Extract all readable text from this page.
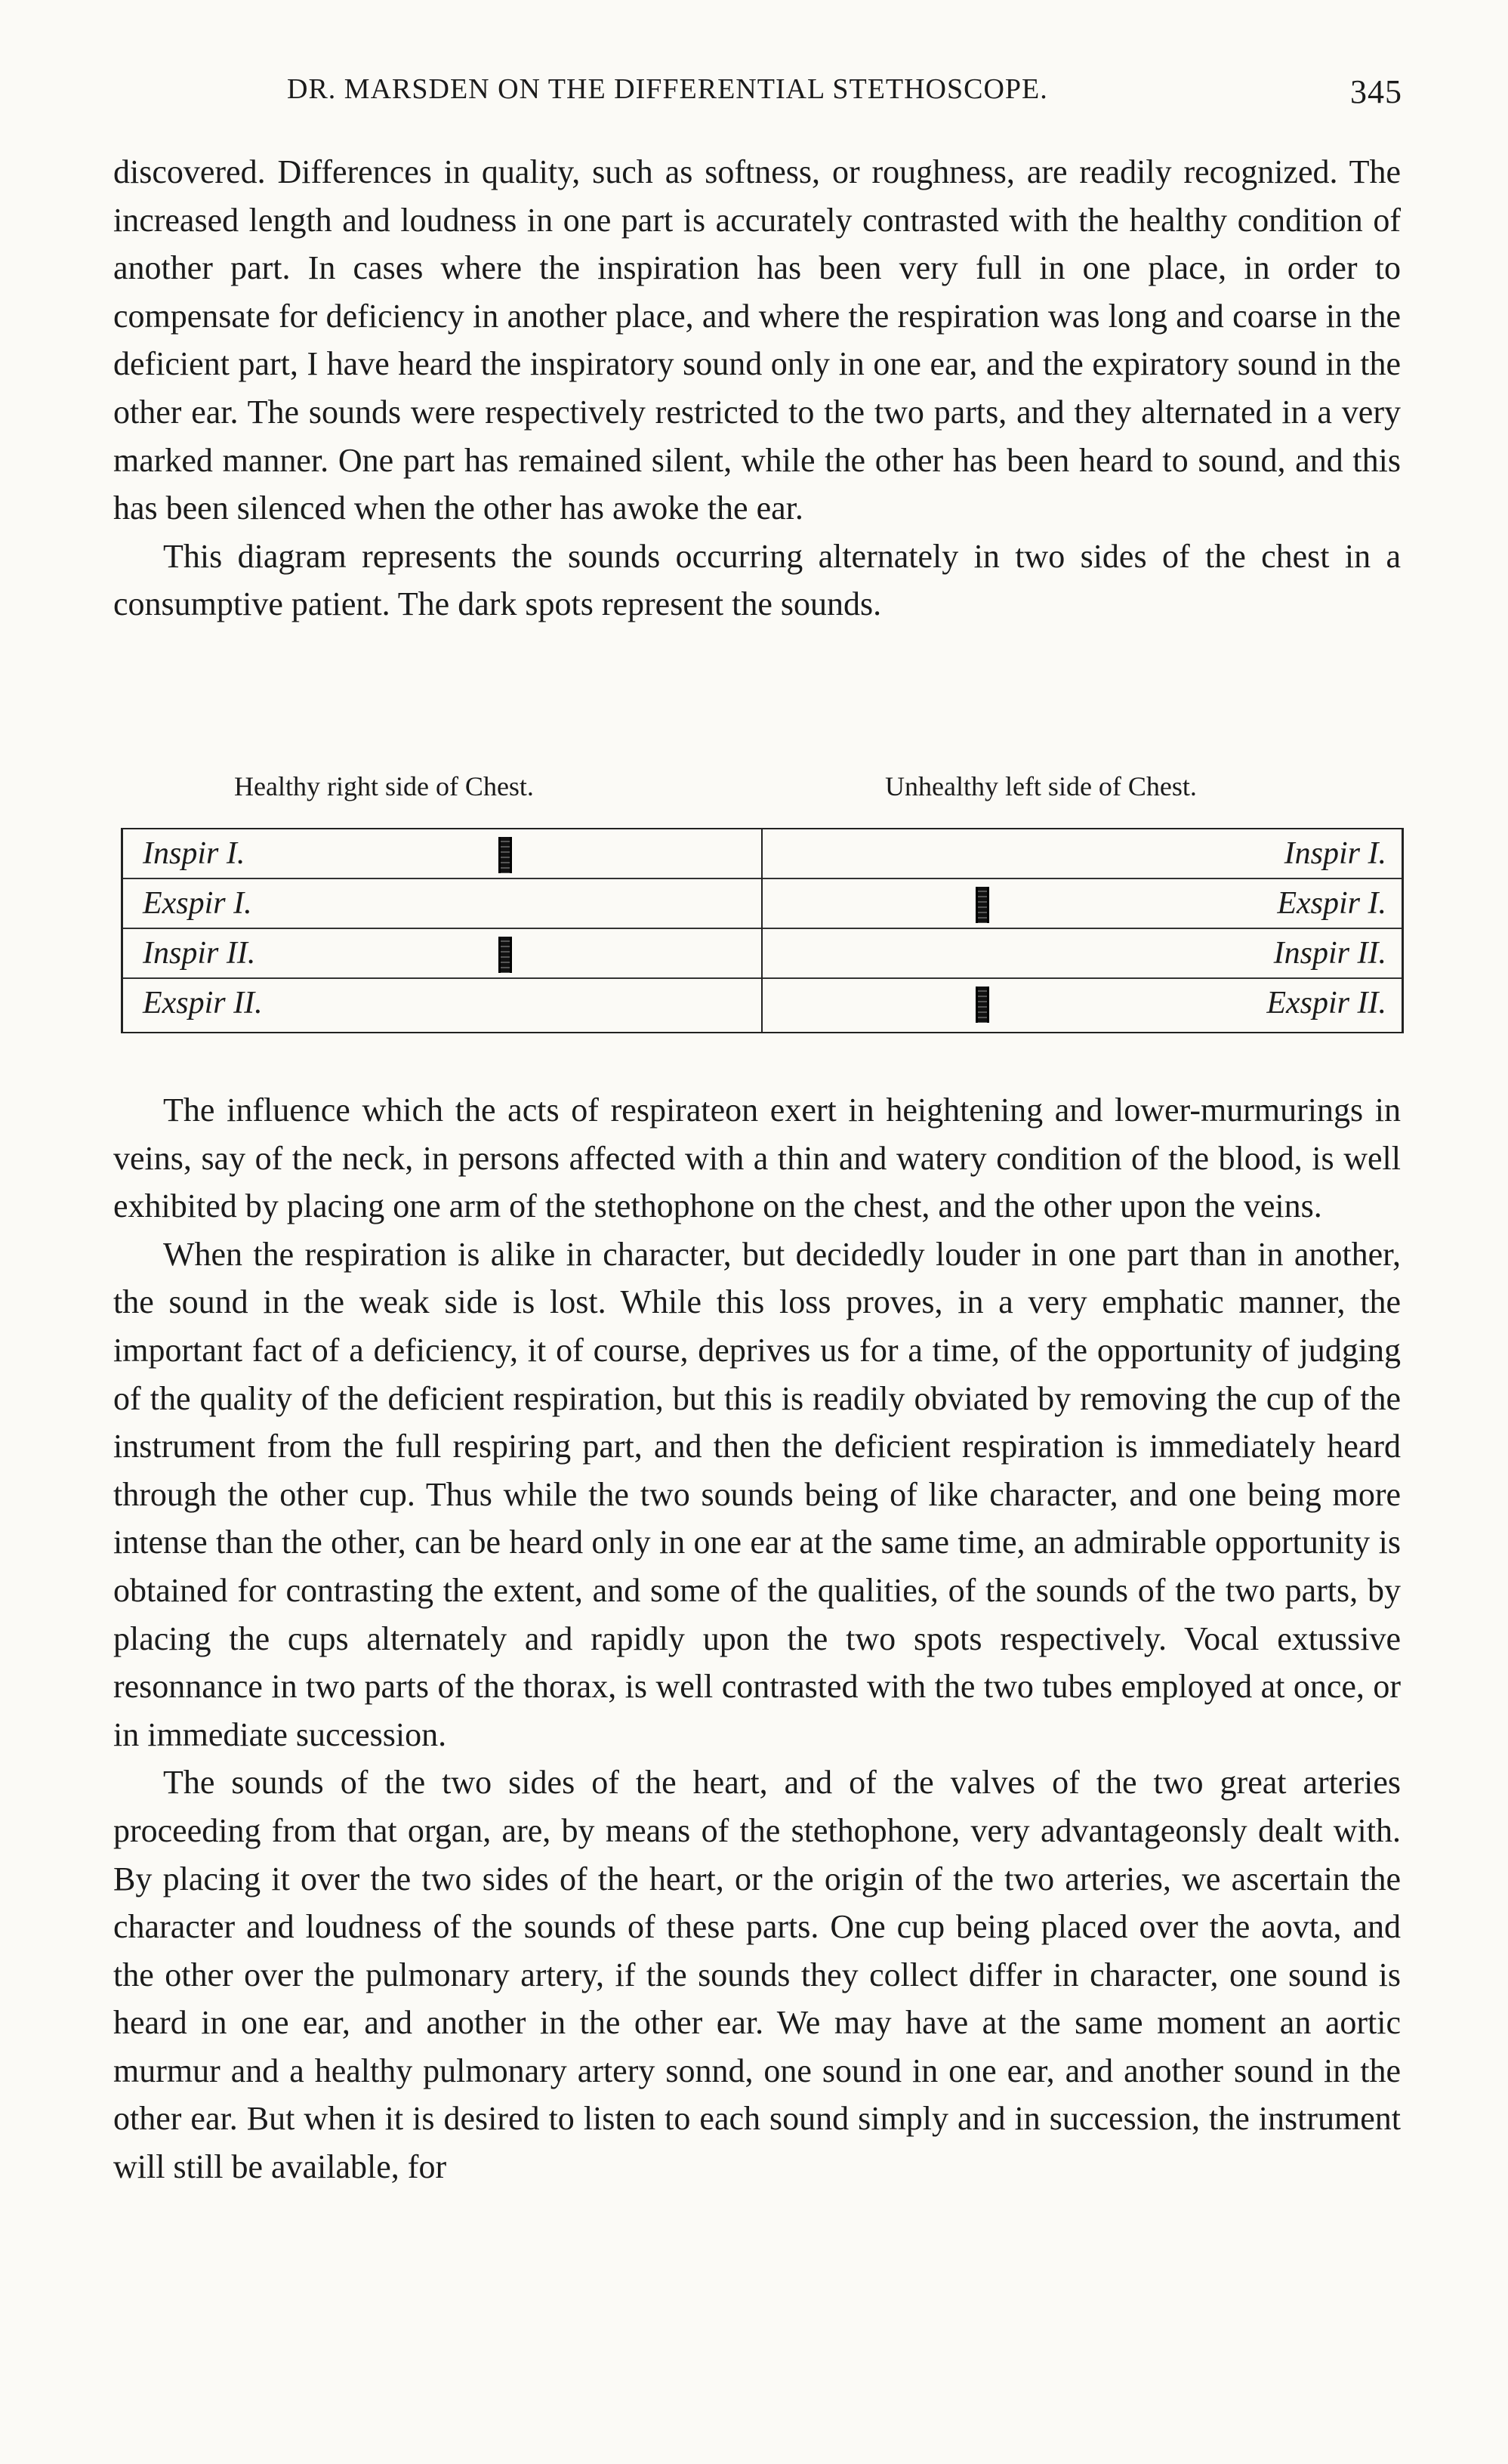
DR. MARSDEN ON THE DIFFERENTIAL STETHOSCOPE.	345

discovered. Differences in quality, such as softness, or roughness, are readily recognized. The increased length and loudness in one part is accurately contrasted with the healthy condition of another part. In cases where the inspiration has been very full in one place, in order to compensate for deficiency in another place, and where the respiration was long and coarse in the deficient part, I have heard the inspiratory sound only in one ear, and the expiratory sound in the other ear. The sounds were respectively restricted to the two parts, and they alternated in a very marked manner. One part has remained silent, while the other has been heard to sound, and this has been silenced when the other has awoke the ear.

This diagram represents the sounds occurring alternately in two sides of the chest in a consumptive patient. The dark spots represent the sounds.

Healthy right side of Chest.	Unhealthy left side of Chest.
Inspir I.
Exspir I.
Inspir II.
Exspir II.
Inspir I.
Exspir I.
Inspir II.
Exspir II.

The influence which the acts of respirateon exert in heightening and lower-murmurings in veins, say of the neck, in persons affected with a thin and watery condition of the blood, is well exhibited by placing one arm of the stethophone on the chest, and the other upon the veins.

When the respiration is alike in character, but decidedly louder in one part than in another, the sound in the weak side is lost. While this loss proves, in a very emphatic manner, the important fact of a deficiency, it of course, deprives us for a time, of the opportunity of judging of the quality of the deficient respiration, but this is readily obviated by removing the cup of the instrument from the full respiring part, and then the deficient respiration is immediately heard through the other cup. Thus while the two sounds being of like character, and one being more intense than the other, can be heard only in one ear at the same time, an admirable opportunity is obtained for contrasting the extent, and some of the qualities, of the sounds of the two parts, by placing the cups alternately and rapidly upon the two spots respectively. Vocal extussive resonnance in two parts of the thorax, is well contrasted with the two tubes employed at once, or in immediate succession.

The sounds of the two sides of the heart, and of the valves of the two great arteries proceeding from that organ, are, by means of the stethophone, very advantageonsly dealt with. By placing it over the two sides of the heart, or the origin of the two arteries, we ascertain the character and loudness of the sounds of these parts. One cup being placed over the aovta, and the other over the pulmonary artery, if the sounds they collect differ in character, one sound is heard in one ear, and another in the other ear. We may have at the same moment an aortic murmur and a healthy pulmonary artery sonnd, one sound in one ear, and another sound in the other ear. But when it is desired to listen to each sound simply and in succession, the instrument will still be available, for
